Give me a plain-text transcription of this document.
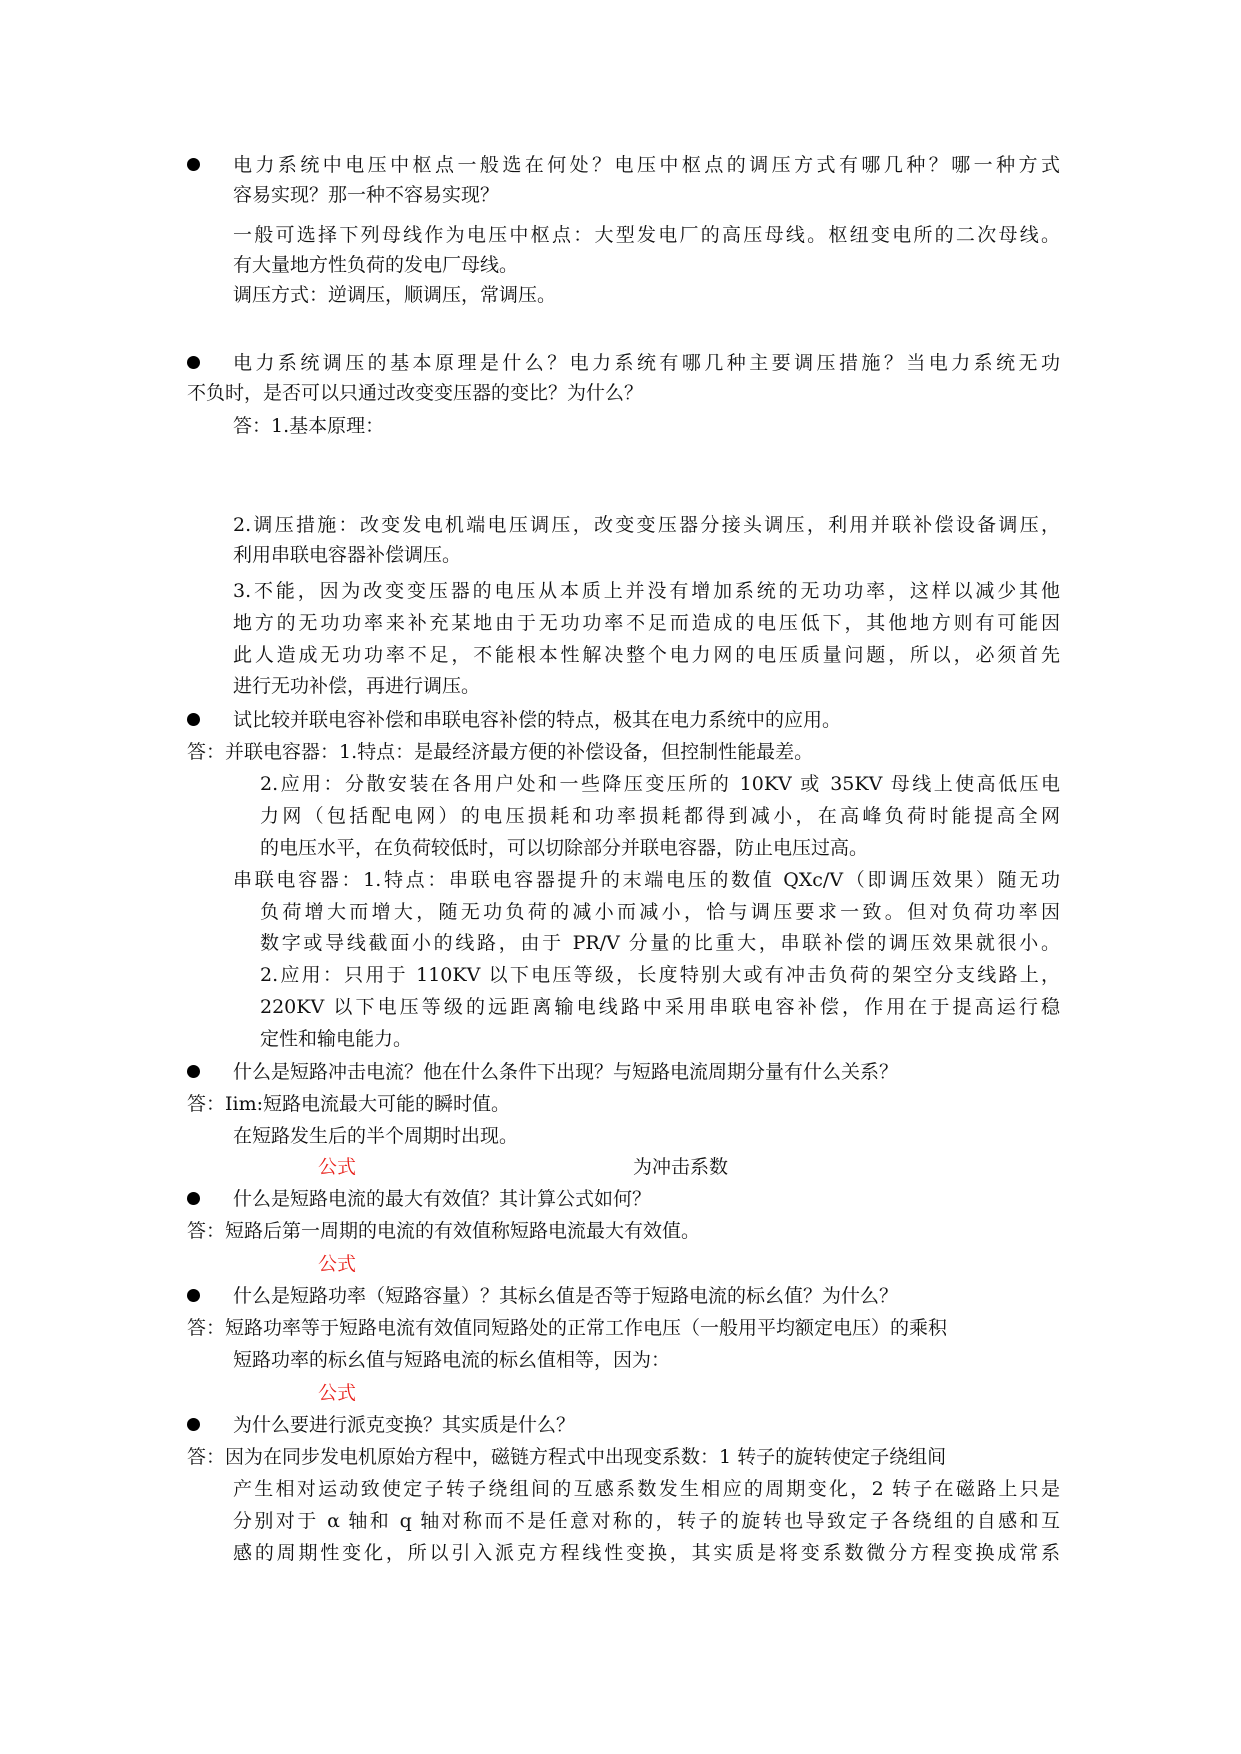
电力系统中电压中枢点一般选在何处？电压中枢点的调压方式有哪几种？哪一种方式
容易实现？那一种不容易实现？
一般可选择下列母线作为电压中枢点：大型发电厂的高压母线。枢纽变电所的二次母线。
有大量地方性负荷的发电厂母线。
调压方式：逆调压，顺调压，常调压。
电力系统调压的基本原理是什么？电力系统有哪几种主要调压措施？当电力系统无功
不负时，是否可以只通过改变变压器的变比？为什么？
答：1.基本原理：
2.调压措施：改变发电机端电压调压，改变变压器分接头调压，利用并联补偿设备调压，
利用串联电容器补偿调压。
3.不能，因为改变变压器的电压从本质上并没有增加系统的无功功率，这样以减少其他
地方的无功功率来补充某地由于无功功率不足而造成的电压低下，其他地方则有可能因
此人造成无功功率不足，不能根本性解决整个电力网的电压质量问题，所以，必须首先
进行无功补偿，再进行调压。
试比较并联电容补偿和串联电容补偿的特点，极其在电力系统中的应用。
答：并联电容器：1.特点：是最经济最方便的补偿设备，但控制性能最差。
2.应用：分散安装在各用户处和一些降压变压所的 10KV 或 35KV 母线上使高低压电
力网（包括配电网）的电压损耗和功率损耗都得到减小，在高峰负荷时能提高全网
的电压水平，在负荷较低时，可以切除部分并联电容器，防止电压过高。
串联电容器：1.特点：串联电容器提升的末端电压的数值 QXc/V（即调压效果）随无功
负荷增大而增大，随无功负荷的减小而减小，恰与调压要求一致。但对负荷功率因
数字或导线截面小的线路，由于 PR/V 分量的比重大，串联补偿的调压效果就很小。
2.应用：只用于 110KV 以下电压等级，长度特别大或有冲击负荷的架空分支线路上，
220KV 以下电压等级的远距离输电线路中采用串联电容补偿，作用在于提高运行稳
定性和输电能力。
什么是短路冲击电流？他在什么条件下出现？与短路电流周期分量有什么关系？
答：Iim:短路电流最大可能的瞬时值。
在短路发生后的半个周期时出现。
公式	为冲击系数
什么是短路电流的最大有效值？其计算公式如何？
答：短路后第一周期的电流的有效值称短路电流最大有效值。
公式
什么是短路功率（短路容量）？其标幺值是否等于短路电流的标幺值？为什么？
答：短路功率等于短路电流有效值同短路处的正常工作电压（一般用平均额定电压）的乘积
短路功率的标幺值与短路电流的标幺值相等，因为：
公式
为什么要进行派克变换？其实质是什么？
答：因为在同步发电机原始方程中，磁链方程式中出现变系数：1 转子的旋转使定子绕组间
产生相对运动致使定子转子绕组间的互感系数发生相应的周期变化，2 转子在磁路上只是
分别对于 α 轴和 q 轴对称而不是任意对称的，转子的旋转也导致定子各绕组的自感和互
感的周期性变化，所以引入派克方程线性变换，其实质是将变系数微分方程变换成常系
